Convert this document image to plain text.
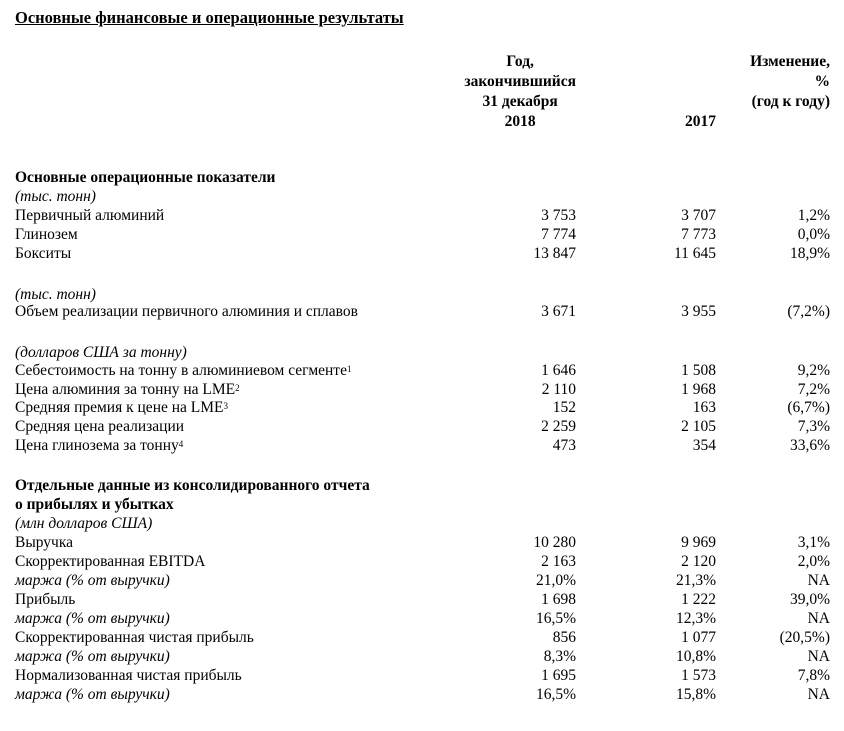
Основные финансовые и операционные результаты
Год,
закончившийся
31 декабря
2018	2017
Изменение,
%
(год к году)
Основные операционные показатели
(тыс. тонн)
Первичный алюминий	3 753	3 707	1,2%
Глинозем	7 774	7 773	0,0%
Бокситы	13 847	11 645	18,9%
(тыс. тонн)
Объем реализации первичного алюминия и сплавов	3 671	3 955	(7,2%)
(долларов США за тонну)
Себестоимость на тонну в алюминиевом сегменте$^1$	1 646	1 508	9,2%
Цена алюминия за тонну на LME$^2$	2 110	1 968	7,2%
Средняя премия к цене на LME$^3$	152	163	(6,7%)
Средняя цена реализации	2 259	2 105	7,3%
Цена глинозема за тонну$^4$	473	354	33,6%
Отдельные данные из консолидированного отчета
о прибылях и убытках
(млн долларов США)
Выручка	10 280	9 969	3,1%
Скорректированная EBITDA	2 163	2 120	2,0%
маржа (% от выручки)	21,0%	21,3%	NA
Прибыль	1 698	1 222	39,0%
маржа (% от выручки)	16,5%	12,3%	NA
Скорректированная чистая прибыль	856	1 077	(20,5%)
маржа (% от выручки)	8,3%	10,8%	NA
Нормализованная чистая прибыль	1 695	1 573	7,8%
маржа (% от выручки)	16,5%	15,8%	NA
